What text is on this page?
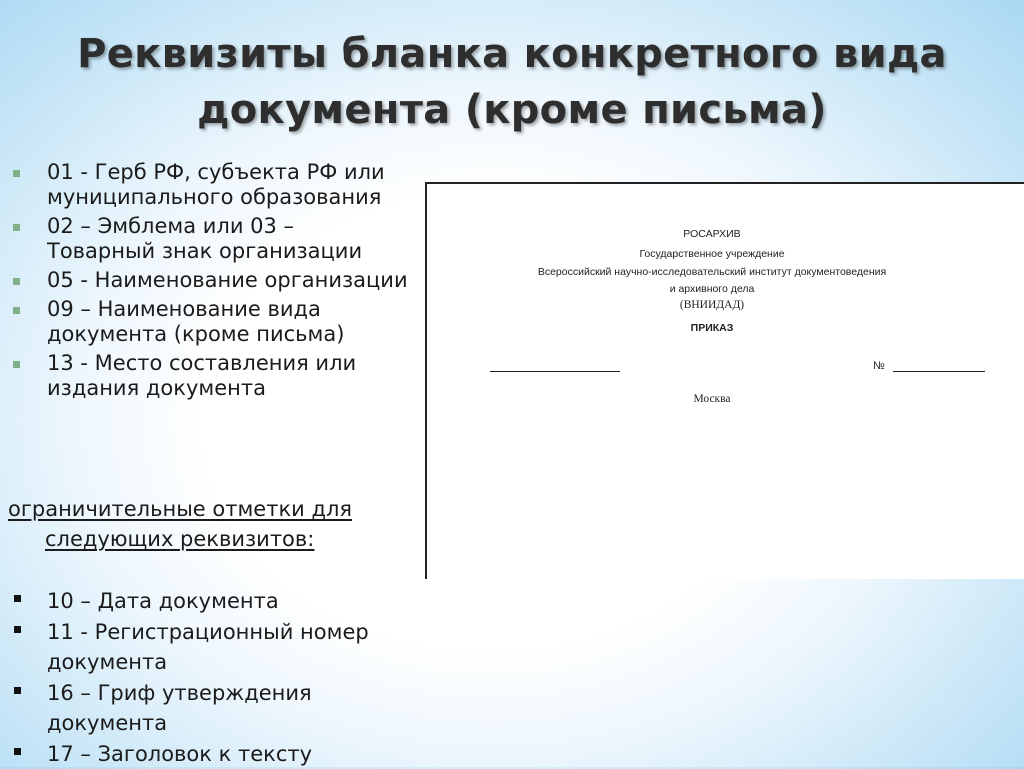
Реквизиты бланка конкретного вида
документа (кроме письма)
01 - Герб РФ, субъекта РФ или муниципального образования
02 – Эмблема или 03 – Товарный знак организации
05 - Наименование организации
09 – Наименование вида документа (кроме письма)
13 - Место составления или издания документа
ограничительные отметки для
следующих реквизитов:
10 – Дата документа
11 - Регистрационный номер документа
16 – Гриф утверждения документа
17 – Заголовок к тексту
РОСАРХИВ
Государственное учреждение
Всероссийский научно-исследовательский институт документоведения
и архивного дела
(ВНИИДАД)
ПРИКАЗ
№
Москва
